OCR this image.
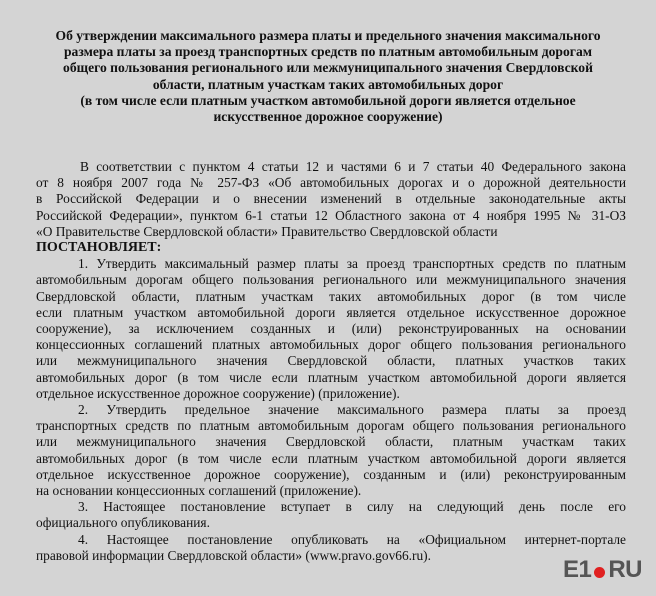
Об утверждении максимального размера платы и предельного значения максимального
размера платы за проезд транспортных средств по платным автомобильным дорогам
общего пользования регионального или межмуниципального значения Свердловской
области, платным участкам таких автомобильных дорог
(в том числе если платным участком автомобильной дороги является отдельное
искусственное дорожное сооружение)
В соответствии с пунктом 4 статьи 12 и частями 6 и 7 статьи 40 Федерального закона
от 8 ноября 2007 года № 257-ФЗ «Об автомобильных дорогах и о дорожной деятельности
в Российской Федерации и о внесении изменений в отдельные законодательные акты
Российской Федерации», пунктом 6-1 статьи 12 Областного закона от 4 ноября 1995 № 31-ОЗ
«О Правительстве Свердловской области» Правительство Свердловской области
ПОСТАНОВЛЯЕТ:
1. Утвердить максимальный размер платы за проезд транспортных средств по платным
автомобильным дорогам общего пользования регионального или межмуниципального значения
Свердловской области, платным участкам таких автомобильных дорог (в том числе
если платным участком автомобильной дороги является отдельное искусственное дорожное
сооружение), за исключением созданных и (или) реконструированных на основании
концессионных соглашений платных автомобильных дорог общего пользования регионального
или межмуниципального значения Свердловской области, платных участков таких
автомобильных дорог (в том числе если платным участком автомобильной дороги является
отдельное искусственное дорожное сооружение) (приложение).
2. Утвердить предельное значение максимального размера платы за проезд
транспортных средств по платным автомобильным дорогам общего пользования регионального
или межмуниципального значения Свердловской области, платным участкам таких
автомобильных дорог (в том числе если платным участком автомобильной дороги является
отдельное искусственное дорожное сооружение), созданным и (или) реконструированным
на основании концессионных соглашений (приложение).
3. Настоящее постановление вступает в силу на следующий день после его
официального опубликования.
4. Настоящее постановление опубликовать на «Официальном интернет-портале
правовой информации Свердловской области» (www.pravo.gov66.ru).
E1 RU
